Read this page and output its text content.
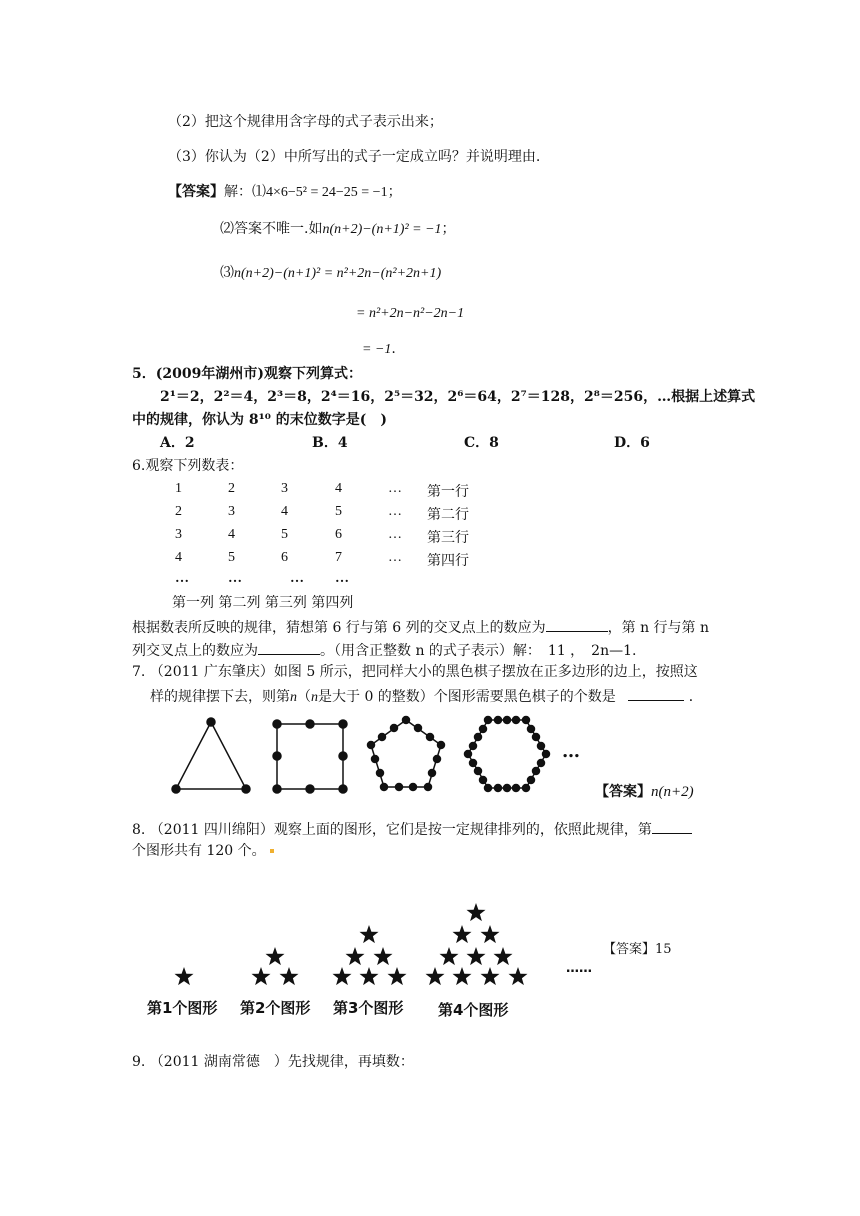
（2）把这个规律用含字母的式子表示出来；
（3）你认为（2）中所写出的式子一定成立吗？并说明理由.
【答案】解：⑴4×6−5² = 24−25 = −1；
⑵答案不唯一.如n(n+2)−(n+1)² = −1；
⑶n(n+2)−(n+1)² = n²+2n−(n²+2n+1)
= n²+2n−n²−2n−1
= −1.
5．(2009年湖州市)观察下列算式：
2¹＝2，2²＝4，2³＝8，2⁴＝16，2⁵＝32，2⁶＝64，2⁷＝128，2⁸＝256，…根据上述算式
中的规律，你认为 8¹⁰ 的末位数字是(　)
A．2	B．4	C．8	D．6
6.观察下列数表：
1	2	3	4	… 第一行
2	3	4	5	… 第二行
3	4	5	6	… 第三行
4	5	6	7	… 第四行
…	…	… …
第一列 第二列 第三列 第四列
根据数表所反映的规律，猜想第 6 行与第 6 列的交叉点上的数应为	，第 n 行与第 n
列交叉点上的数应为	。（用含正整数 n 的式子表示）解：　11 ，　2n—1.
7. （2011 广东肇庆）如图 5 所示，把同样大小的黑色棋子摆放在正多边形的边上，按照这
样的规律摆下去，则第n（n是大于 0 的整数）个图形需要黑色棋子的个数是	．
…
【答案】n(n+2)
8. （2011 四川绵阳）观察上面的图形，它们是按一定规律排列的，依照此规律，第
个图形共有 120 个。
第1个图形 第2个图形 第3个图形 第4个图形
……
【答案】15
9. （2011 湖南常德　）先找规律，再填数：
